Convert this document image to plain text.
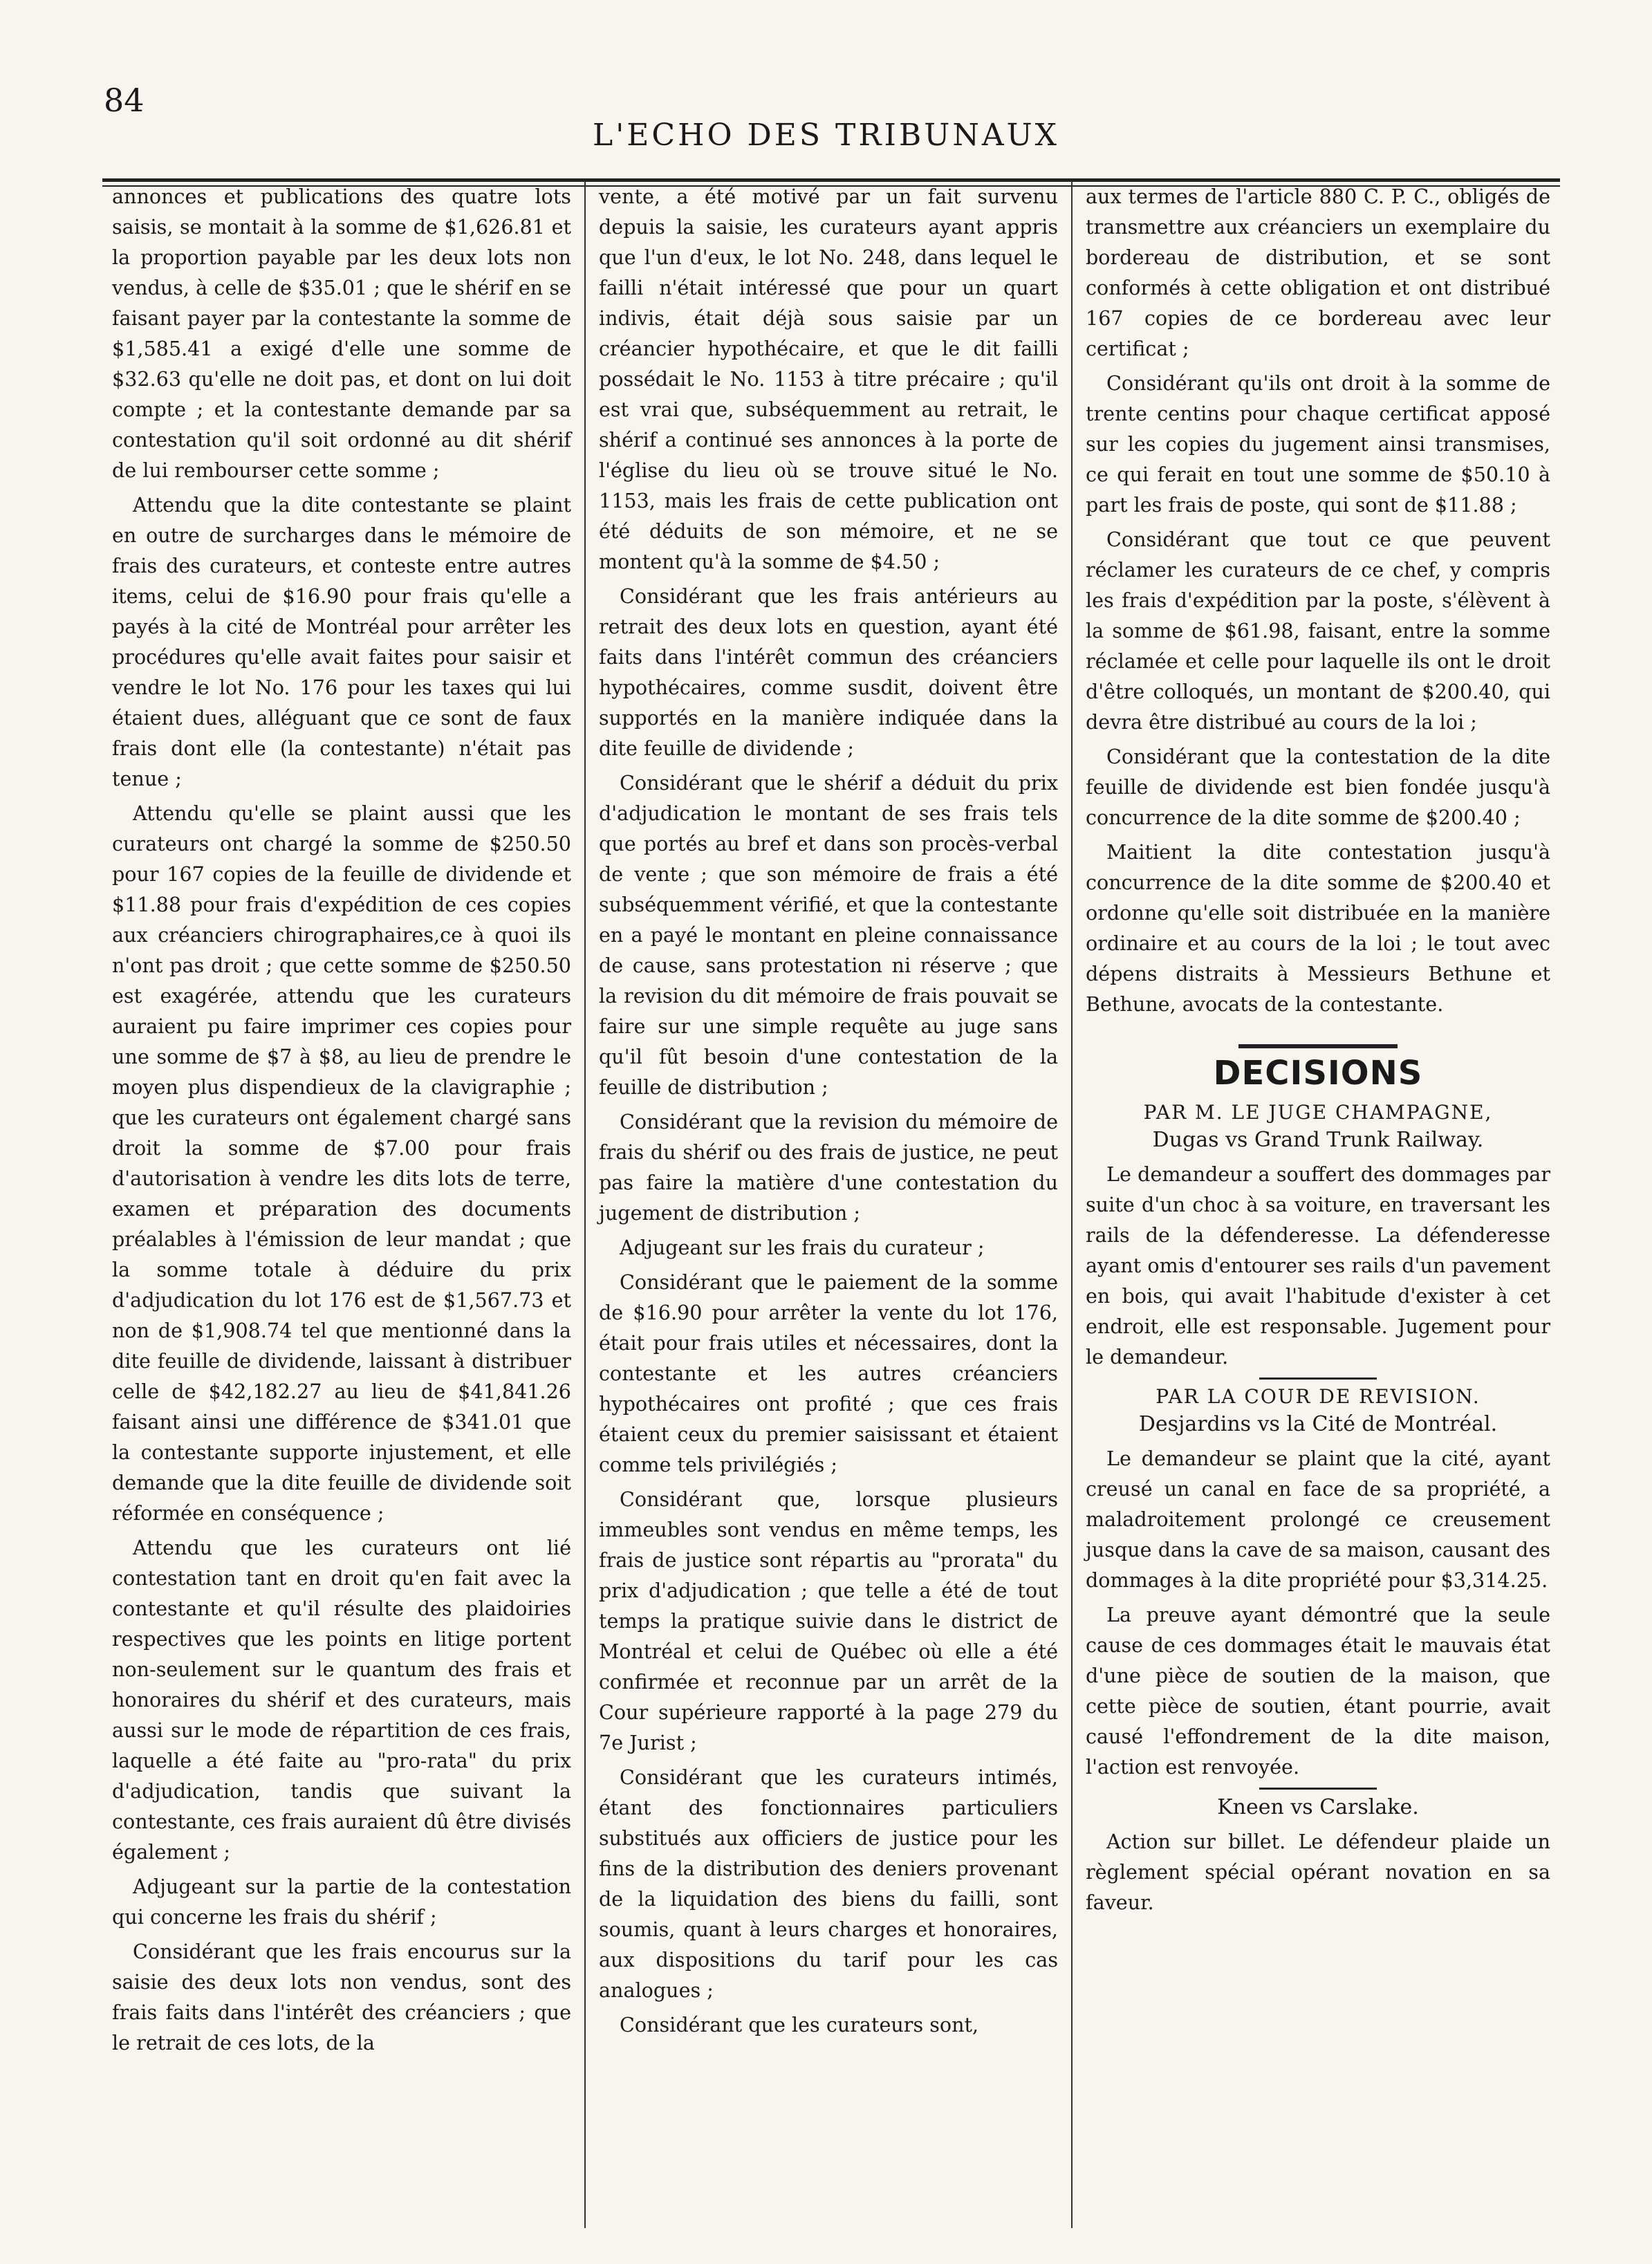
84
L'ECHO DES TRIBUNAUX

annonces et publications des quatre lots saisis, se montait à la somme de $1,626.81 et la proportion payable par les deux lots non vendus, à celle de $35.01 ; que le shérif en se faisant payer par la contestante la somme de $1,585.41 a exigé d'elle une somme de $32.63 qu'elle ne doit pas, et dont on lui doit compte ; et la contestante demande par sa contestation qu'il soit ordonné au dit shérif de lui rembourser cette somme ;

Attendu que la dite contestante se plaint en outre de surcharges dans le mémoire de frais des curateurs, et conteste entre autres items, celui de $16.90 pour frais qu'elle a payés à la cité de Montréal pour arrêter les procédures qu'elle avait faites pour saisir et vendre le lot No. 176 pour les taxes qui lui étaient dues, alléguant que ce sont de faux frais dont elle (la contestante) n'était pas tenue ;

Attendu qu'elle se plaint aussi que les curateurs ont chargé la somme de $250.50 pour 167 copies de la feuille de dividende et $11.88 pour frais d'expédition de ces copies aux créanciers chirographaires,ce à quoi ils n'ont pas droit ; que cette somme de $250.50 est exagérée, attendu que les curateurs auraient pu faire imprimer ces copies pour une somme de $7 à $8, au lieu de prendre le moyen plus dispendieux de la clavigraphie ; que les curateurs ont également chargé sans droit la somme de $7.00 pour frais d'autorisation à vendre les dits lots de terre, examen et préparation des documents préalables à l'émission de leur mandat ; que la somme totale à déduire du prix d'adjudication du lot 176 est de $1,567.73 et non de $1,908.74 tel que mentionné dans la dite feuille de dividende, laissant à distribuer celle de $42,182.27 au lieu de $41,841.26 faisant ainsi une différence de $341.01 que la contestante supporte injustement, et elle demande que la dite feuille de dividende soit réformée en conséquence ;

Attendu que les curateurs ont lié contestation tant en droit qu'en fait avec la contestante et qu'il résulte des plaidoiries respectives que les points en litige portent non-seulement sur le quantum des frais et honoraires du shérif et des curateurs, mais aussi sur le mode de répartition de ces frais, laquelle a été faite au "pro-rata" du prix d'adjudication, tandis que suivant la contestante, ces frais auraient dû être divisés également ;

Adjugeant sur la partie de la contestation qui concerne les frais du shérif ;

Considérant que les frais encourus sur la saisie des deux lots non vendus, sont des frais faits dans l'intérêt des créanciers ; que le retrait de ces lots, de la

vente, a été motivé par un fait survenu depuis la saisie, les curateurs ayant appris que l'un d'eux, le lot No. 248, dans lequel le failli n'était intéressé que pour un quart indivis, était déjà sous saisie par un créancier hypothécaire, et que le dit failli possédait le No. 1153 à titre précaire ; qu'il est vrai que, subséquemment au retrait, le shérif a continué ses annonces à la porte de l'église du lieu où se trouve situé le No. 1153, mais les frais de cette publication ont été déduits de son mémoire, et ne se montent qu'à la somme de $4.50 ;

Considérant que les frais antérieurs au retrait des deux lots en question, ayant été faits dans l'intérêt commun des créanciers hypothécaires, comme susdit, doivent être supportés en la manière indiquée dans la dite feuille de dividende ;

Considérant que le shérif a déduit du prix d'adjudication le montant de ses frais tels que portés au bref et dans son procès-verbal de vente ; que son mémoire de frais a été subséquemment vérifié, et que la contestante en a payé le montant en pleine connaissance de cause, sans protestation ni réserve ; que la revision du dit mémoire de frais pouvait se faire sur une simple requête au juge sans qu'il fût besoin d'une contestation de la feuille de distribution ;

Considérant que la revision du mémoire de frais du shérif ou des frais de justice, ne peut pas faire la matière d'une contestation du jugement de distribution ;

Adjugeant sur les frais du curateur ;

Considérant que le paiement de la somme de $16.90 pour arrêter la vente du lot 176, était pour frais utiles et nécessaires, dont la contestante et les autres créanciers hypothécaires ont profité ; que ces frais étaient ceux du premier saisissant et étaient comme tels privilégiés ;

Considérant que, lorsque plusieurs immeubles sont vendus en même temps, les frais de justice sont répartis au "prorata" du prix d'adjudication ; que telle a été de tout temps la pratique suivie dans le district de Montréal et celui de Québec où elle a été confirmée et reconnue par un arrêt de la Cour supérieure rapporté à la page 279 du 7e Jurist ;

Considérant que les curateurs intimés, étant des fonctionnaires particuliers substitués aux officiers de justice pour les fins de la distribution des deniers provenant de la liquidation des biens du failli, sont soumis, quant à leurs charges et honoraires, aux dispositions du tarif pour les cas analogues ;

Considérant que les curateurs sont,

aux termes de l'article 880 C. P. C., obligés de transmettre aux créanciers un exemplaire du bordereau de distribution, et se sont conformés à cette obligation et ont distribué 167 copies de ce bordereau avec leur certificat ;

Considérant qu'ils ont droit à la somme de trente centins pour chaque certificat apposé sur les copies du jugement ainsi transmises, ce qui ferait en tout une somme de $50.10 à part les frais de poste, qui sont de $11.88 ;

Considérant que tout ce que peuvent réclamer les curateurs de ce chef, y compris les frais d'expédition par la poste, s'élèvent à la somme de $61.98, faisant, entre la somme réclamée et celle pour laquelle ils ont le droit d'être colloqués, un montant de $200.40, qui devra être distribué au cours de la loi ;

Considérant que la contestation de la dite feuille de dividende est bien fondée jusqu'à concurrence de la dite somme de $200.40 ;

Maitient la dite contestation jusqu'à concurrence de la dite somme de $200.40 et ordonne qu'elle soit distribuée en la manière ordinaire et au cours de la loi ; le tout avec dépens distraits à Messieurs Bethune et Bethune, avocats de la contestante.

DECISIONS
PAR M. LE JUGE CHAMPAGNE,
Dugas vs Grand Trunk Railway.

Le demandeur a souffert des dommages par suite d'un choc à sa voiture, en traversant les rails de la défenderesse. La défenderesse ayant omis d'entourer ses rails d'un pavement en bois, qui avait l'habitude d'exister à cet endroit, elle est responsable. Jugement pour le demandeur.

PAR LA COUR DE REVISION.
Desjardins vs la Cité de Montréal.

Le demandeur se plaint que la cité, ayant creusé un canal en face de sa propriété, a maladroitement prolongé ce creusement jusque dans la cave de sa maison, causant des dommages à la dite propriété pour $3,314.25.

La preuve ayant démontré que la seule cause de ces dommages était le mauvais état d'une pièce de soutien de la maison, que cette pièce de soutien, étant pourrie, avait causé l'effondrement de la dite maison, l'action est renvoyée.

Kneen vs Carslake.

Action sur billet. Le défendeur plaide un règlement spécial opérant novation en sa faveur.
